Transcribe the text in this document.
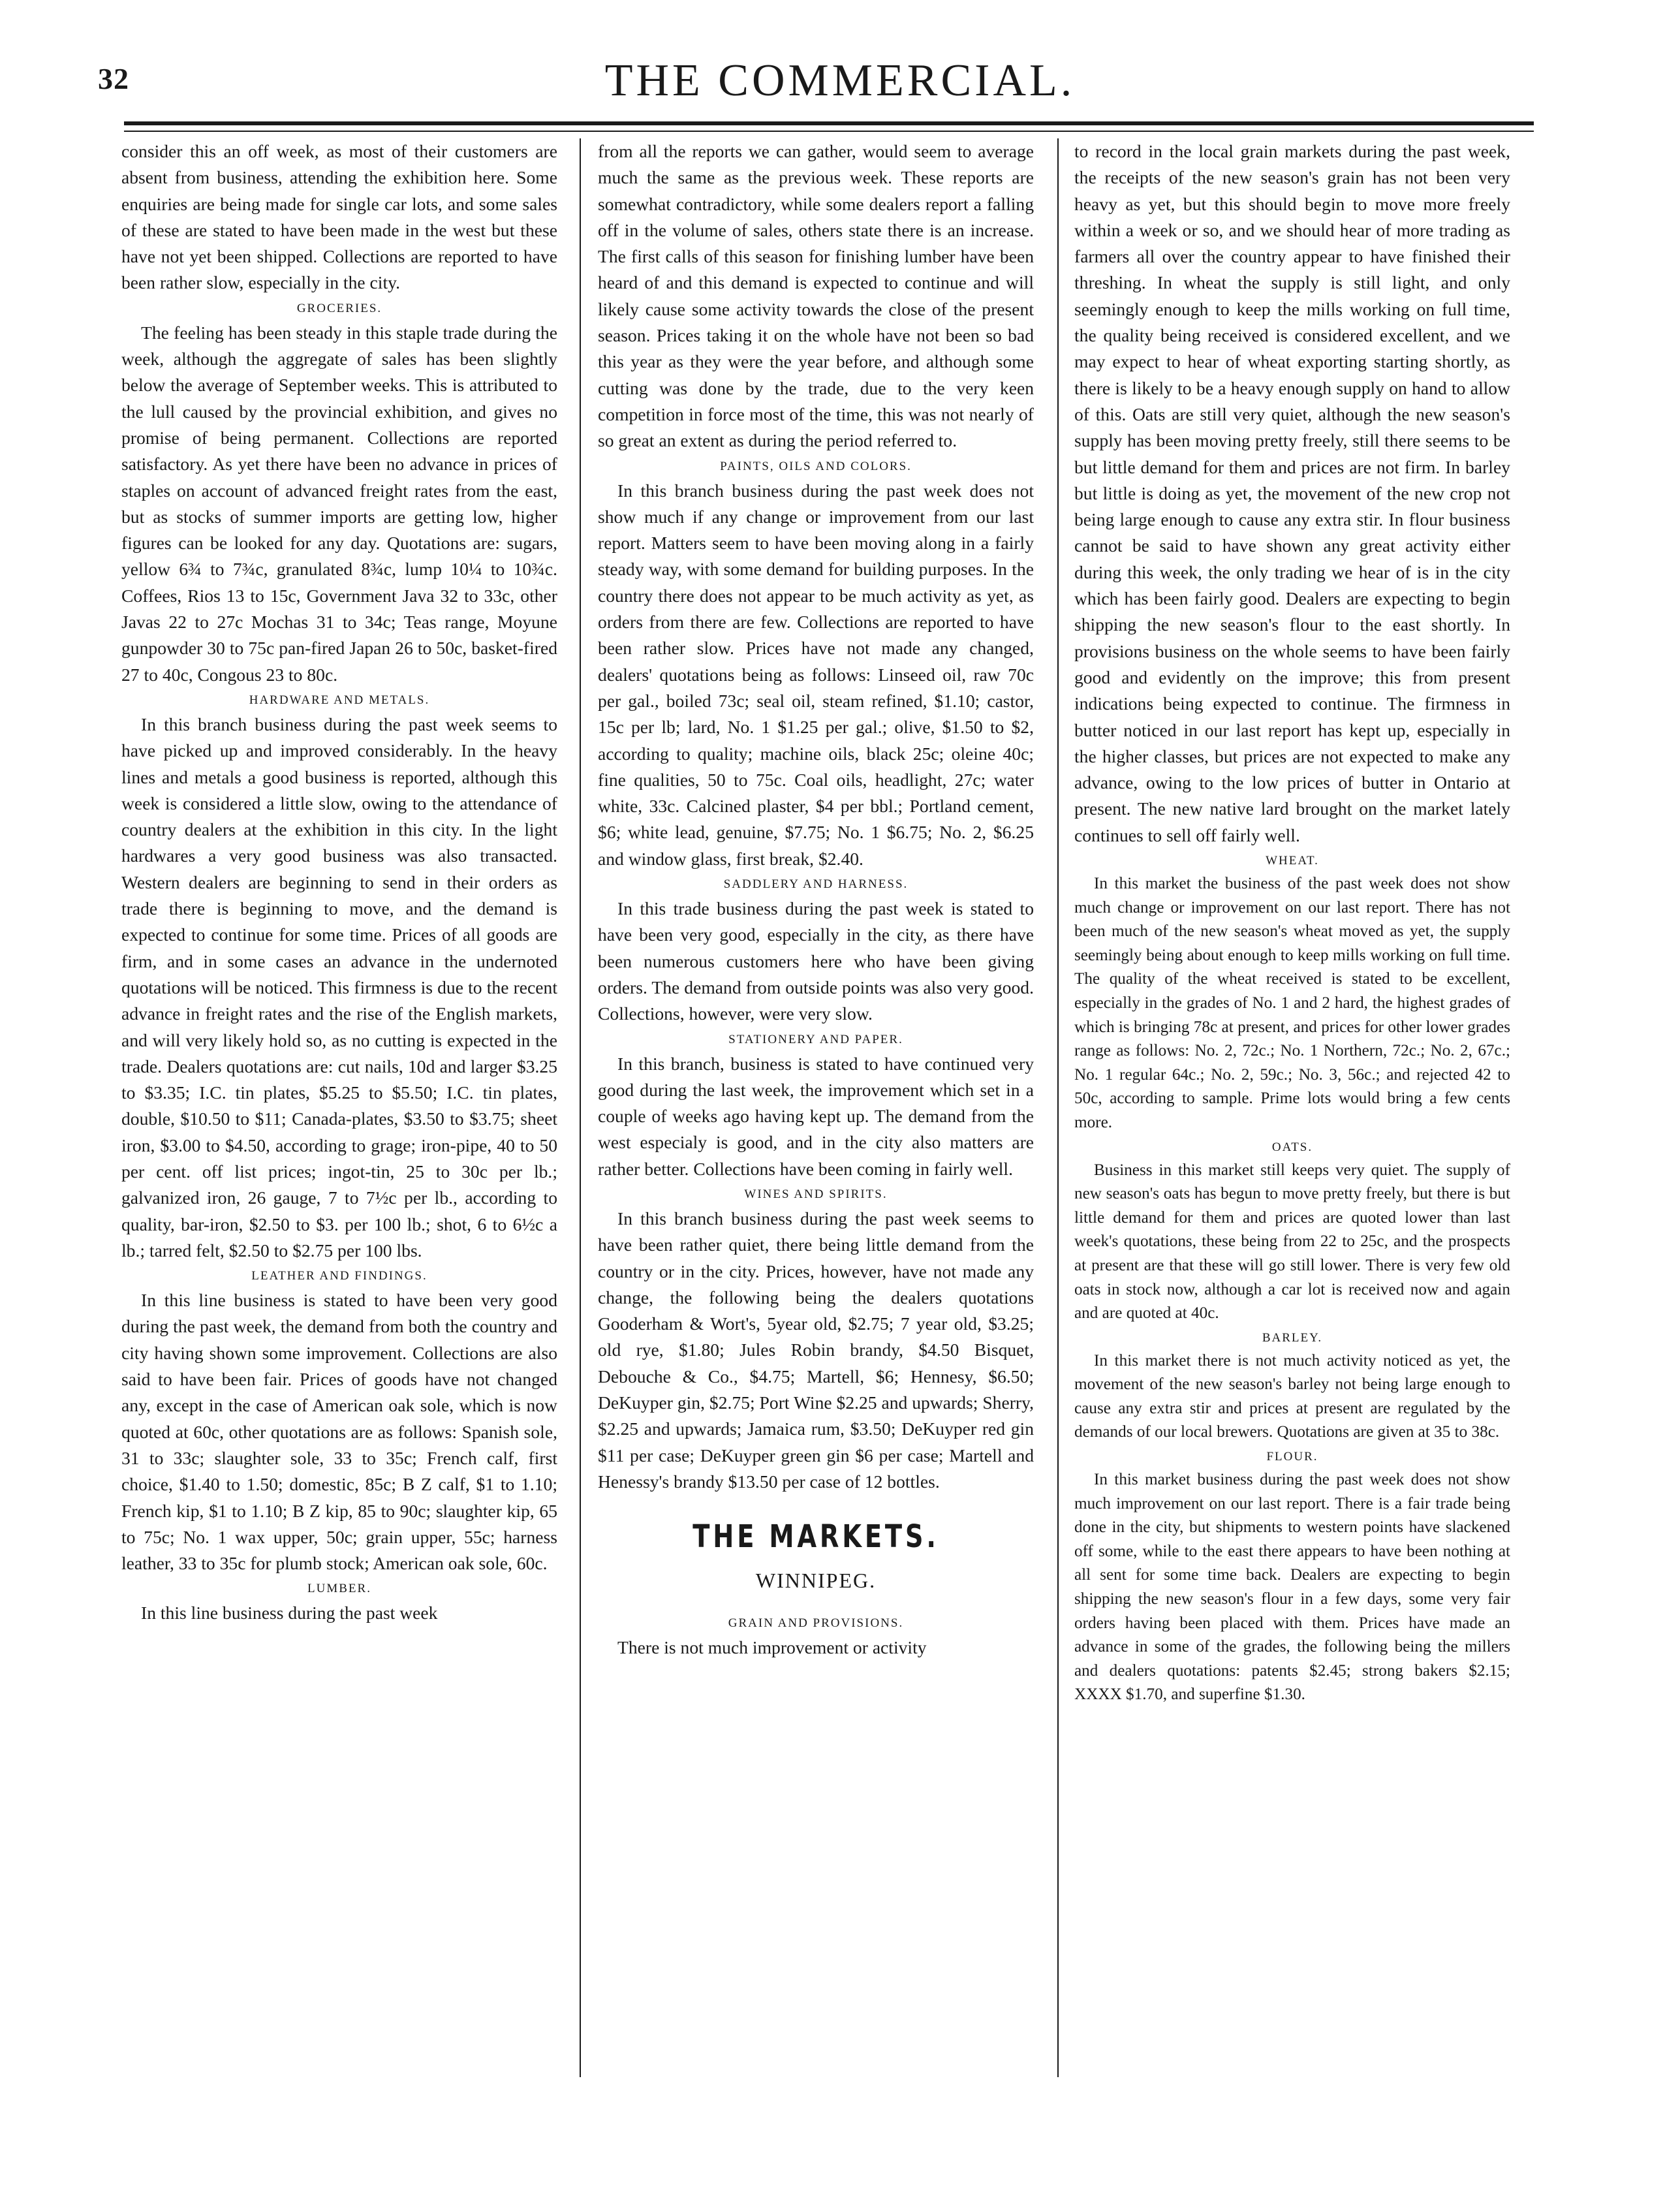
32	THE COMMERCIAL.

consider this an off week, as most of their customers are absent from business, attending the exhibition here. Some enquiries are being made for single car lots, and some sales of these are stated to have been made in the west but these have not yet been shipped. Collections are reported to have been rather slow, especially in the city.

GROCERIES.

The feeling has been steady in this staple trade during the week, although the aggregate of sales has been slightly below the average of September weeks. This is attributed to the lull caused by the provincial exhibition, and gives no promise of being permanent. Collections are reported satisfactory. As yet there have been no advance in prices of staples on account of advanced freight rates from the east, but as stocks of summer imports are getting low, higher figures can be looked for any day. Quotations are: sugars, yellow 6¾ to 7¾c, granulated 8¾c, lump 10¼ to 10¾c. Coffees, Rios 13 to 15c, Government Java 32 to 33c, other Javas 22 to 27c Mochas 31 to 34c; Teas range, Moyune gunpowder 30 to 75c pan-fired Japan 26 to 50c, basket-fired 27 to 40c, Congous 23 to 80c.

HARDWARE AND METALS.

In this branch business during the past week seems to have picked up and improved considerably. In the heavy lines and metals a good business is reported, although this week is considered a little slow, owing to the attendance of country dealers at the exhibition in this city. In the light hardwares a very good business was also transacted. Western dealers are beginning to send in their orders as trade there is beginning to move, and the demand is expected to continue for some time. Prices of all goods are firm, and in some cases an advance in the undernoted quotations will be noticed. This firmness is due to the recent advance in freight rates and the rise of the English markets, and will very likely hold so, as no cutting is expected in the trade. Dealers quotations are: cut nails, 10d and larger $3.25 to $3.35; I.C. tin plates, $5.25 to $5.50; I.C. tin plates, double, $10.50 to $11; Canada-plates, $3.50 to $3.75; sheet iron, $3.00 to $4.50, according to grage; iron-pipe, 40 to 50 per cent. off list prices; ingot-tin, 25 to 30c per lb.; galvanized iron, 26 gauge, 7 to 7½c per lb., according to quality, bar-iron, $2.50 to $3. per 100 lb.; shot, 6 to 6½c a lb.; tarred felt, $2.50 to $2.75 per 100 lbs.

LEATHER AND FINDINGS.

In this line business is stated to have been very good during the past week, the demand from both the country and city having shown some improvement. Collections are also said to have been fair. Prices of goods have not changed any, except in the case of American oak sole, which is now quoted at 60c, other quotations are as follows: Spanish sole, 31 to 33c; slaughter sole, 33 to 35c; French calf, first choice, $1.40 to 1.50; domestic, 85c; B Z calf, $1 to 1.10; French kip, $1 to 1.10; B Z kip, 85 to 90c; slaughter kip, 65 to 75c; No. 1 wax upper, 50c; grain upper, 55c; harness leather, 33 to 35c for plumb stock; American oak sole, 60c.

LUMBER.

In this line business during the past week

from all the reports we can gather, would seem to average much the same as the previous week. These reports are somewhat contradictory, while some dealers report a falling off in the volume of sales, others state there is an increase. The first calls of this season for finishing lumber have been heard of and this demand is expected to continue and will likely cause some activity towards the close of the present season. Prices taking it on the whole have not been so bad this year as they were the year before, and although some cutting was done by the trade, due to the very keen competition in force most of the time, this was not nearly of so great an extent as during the period referred to.

PAINTS, OILS AND COLORS.

In this branch business during the past week does not show much if any change or improvement from our last report. Matters seem to have been moving along in a fairly steady way, with some demand for building purposes. In the country there does not appear to be much activity as yet, as orders from there are few. Collections are reported to have been rather slow. Prices have not made any changed, dealers' quotations being as follows: Linseed oil, raw 70c per gal., boiled 73c; seal oil, steam refined, $1.10; castor, 15c per lb; lard, No. 1 $1.25 per gal.; olive, $1.50 to $2, according to quality; machine oils, black 25c; oleine 40c; fine qualities, 50 to 75c. Coal oils, headlight, 27c; water white, 33c. Calcined plaster, $4 per bbl.; Portland cement, $6; white lead, genuine, $7.75; No. 1 $6.75; No. 2, $6.25 and window glass, first break, $2.40.

SADDLERY AND HARNESS.

In this trade business during the past week is stated to have been very good, especially in the city, as there have been numerous customers here who have been giving orders. The demand from outside points was also very good. Collections, however, were very slow.

STATIONERY AND PAPER.

In this branch, business is stated to have continued very good during the last week, the improvement which set in a couple of weeks ago having kept up. The demand from the west especialy is good, and in the city also matters are rather better. Collections have been coming in fairly well.

WINES AND SPIRITS.

In this branch business during the past week seems to have been rather quiet, there being little demand from the country or in the city. Prices, however, have not made any change, the following being the dealers quotations Gooderham & Wort's, 5year old, $2.75; 7 year old, $3.25; old rye, $1.80; Jules Robin brandy, $4.50 Bisquet, Debouche & Co., $4.75; Martell, $6; Hennesy, $6.50; DeKuyper gin, $2.75; Port Wine $2.25 and upwards; Sherry, $2.25 and upwards; Jamaica rum, $3.50; DeKuyper red gin $11 per case; DeKuyper green gin $6 per case; Martell and Henessy's brandy $13.50 per case of 12 bottles.

THE MARKETS.
WINNIPEG.
GRAIN AND PROVISIONS.

There is not much improvement or activity

to record in the local grain markets during the past week, the receipts of the new season's grain has not been very heavy as yet, but this should begin to move more freely within a week or so, and we should hear of more trading as farmers all over the country appear to have finished their threshing. In wheat the supply is still light, and only seemingly enough to keep the mills working on full time, the quality being received is considered excellent, and we may expect to hear of wheat exporting starting shortly, as there is likely to be a heavy enough supply on hand to allow of this. Oats are still very quiet, although the new season's supply has been moving pretty freely, still there seems to be but little demand for them and prices are not firm. In barley but little is doing as yet, the movement of the new crop not being large enough to cause any extra stir. In flour business cannot be said to have shown any great activity either during this week, the only trading we hear of is in the city which has been fairly good. Dealers are expecting to begin shipping the new season's flour to the east shortly. In provisions business on the whole seems to have been fairly good and evidently on the improve; this from present indications being expected to continue. The firmness in butter noticed in our last report has kept up, especially in the higher classes, but prices are not expected to make any advance, owing to the low prices of butter in Ontario at present. The new native lard brought on the market lately continues to sell off fairly well.

WHEAT.

In this market the business of the past week does not show much change or improvement on our last report. There has not been much of the new season's wheat moved as yet, the supply seemingly being about enough to keep mills working on full time. The quality of the wheat received is stated to be excellent, especially in the grades of No. 1 and 2 hard, the highest grades of which is bringing 78c at present, and prices for other lower grades range as follows: No. 2, 72c.; No. 1 Northern, 72c.; No. 2, 67c.; No. 1 regular 64c.; No. 2, 59c.; No. 3, 56c.; and rejected 42 to 50c, according to sample. Prime lots would bring a few cents more.

OATS.

Business in this market still keeps very quiet. The supply of new season's oats has begun to move pretty freely, but there is but little demand for them and prices are quoted lower than last week's quotations, these being from 22 to 25c, and the prospects at present are that these will go still lower. There is very few old oats in stock now, although a car lot is received now and again and are quoted at 40c.

BARLEY.

In this market there is not much activity noticed as yet, the movement of the new season's barley not being large enough to cause any extra stir and prices at present are regulated by the demands of our local brewers. Quotations are given at 35 to 38c.

FLOUR.

In this market business during the past week does not show much improvement on our last report. There is a fair trade being done in the city, but shipments to western points have slackened off some, while to the east there appears to have been nothing at all sent for some time back. Dealers are expecting to begin shipping the new season's flour in a few days, some very fair orders having been placed with them. Prices have made an advance in some of the grades, the following being the millers and dealers quotations: patents $2.45; strong bakers $2.15; XXXX $1.70, and superfine $1.30.
